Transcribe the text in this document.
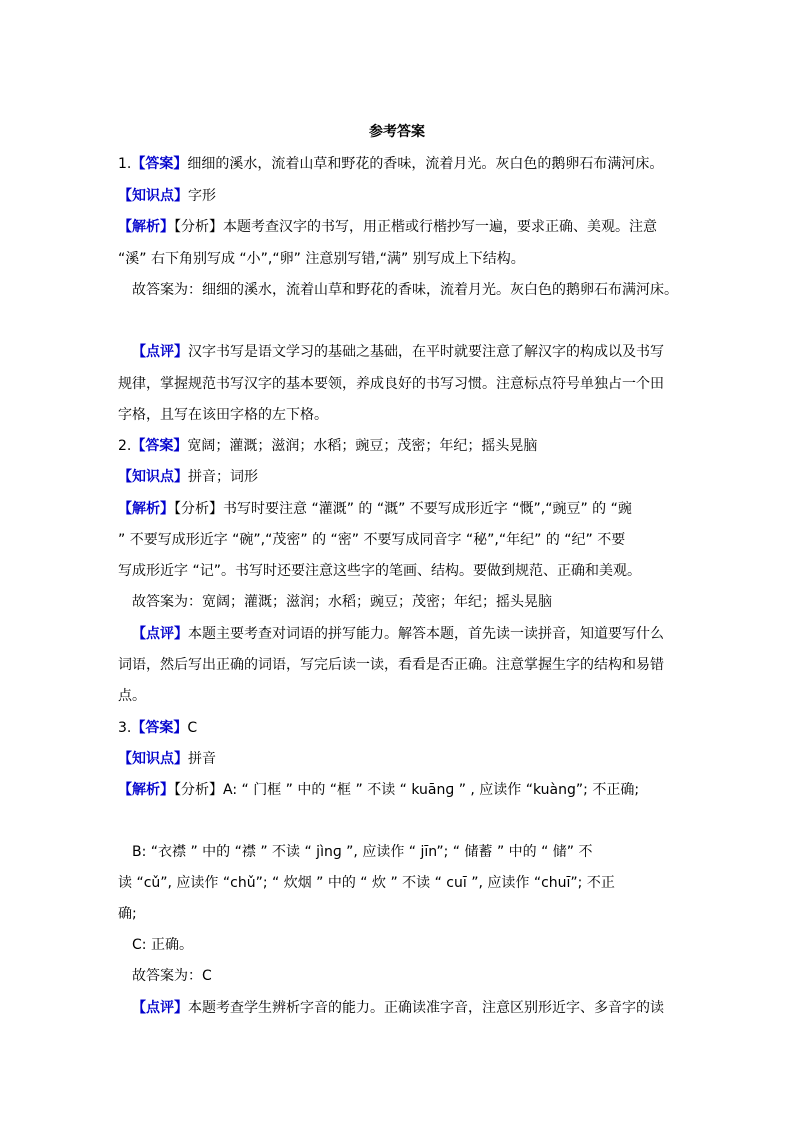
参考答案
1.【答案】细细的溪水，流着山草和野花的香味，流着月光。灰白色的鹅卵石布满河床。
【知识点】字形
【解析】【分析】本题考查汉字的书写，用正楷或行楷抄写一遍，要求正确、美观。注意
“溪” 右下角别写成 “小”,“卵” 注意别写错,“满” 别写成上下结构。
故答案为：细细的溪水，流着山草和野花的香味，流着月光。灰白色的鹅卵石布满河床。
【点评】汉字书写是语文学习的基础之基础，在平时就要注意了解汉字的构成以及书写
规律，掌握规范书写汉字的基本要领，养成良好的书写习惯。注意标点符号单独占一个田
字格，且写在该田字格的左下格。
2.【答案】宽阔；灌溉；滋润；水稻；豌豆；茂密；年纪；摇头晃脑
【知识点】拼音；词形
【解析】【分析】书写时要注意 “灌溉” 的 “溉” 不要写成形近字 “慨”,“豌豆” 的 “豌
” 不要写成形近字 “碗”,“茂密” 的 “密” 不要写成同音字 “秘”,“年纪” 的 “纪” 不要
写成形近字 “记”。书写时还要注意这些字的笔画、结构。要做到规范、正确和美观。
故答案为：宽阔；灌溉；滋润；水稻；豌豆；茂密；年纪；摇头晃脑
【点评】本题主要考查对词语的拼写能力。解答本题，首先读一读拼音，知道要写什么
词语，然后写出正确的词语，写完后读一读，看看是否正确。注意掌握生字的结构和易错
点。
3.【答案】C
【知识点】拼音
【解析】【分析】A: “ 门框 ” 中的 “框 ” 不读 “ kuānɡ ” , 应读作 “kuàng”; 不正确;
B: “衣襟 ” 中的 “襟 ” 不读 “ jìnɡ ”, 应读作 “ jīn”; “ 储蓄 ” 中的 “ 储” 不
读 “cǔ”, 应读作 “chǔ”; “ 炊烟 ” 中的 “ 炊 ” 不读 “ cuī ”, 应读作 “chuī”; 不正
确;
C: 正确。
故答案为：C
【点评】本题考查学生辨析字音的能力。正确读准字音，注意区别形近字、多音字的读
